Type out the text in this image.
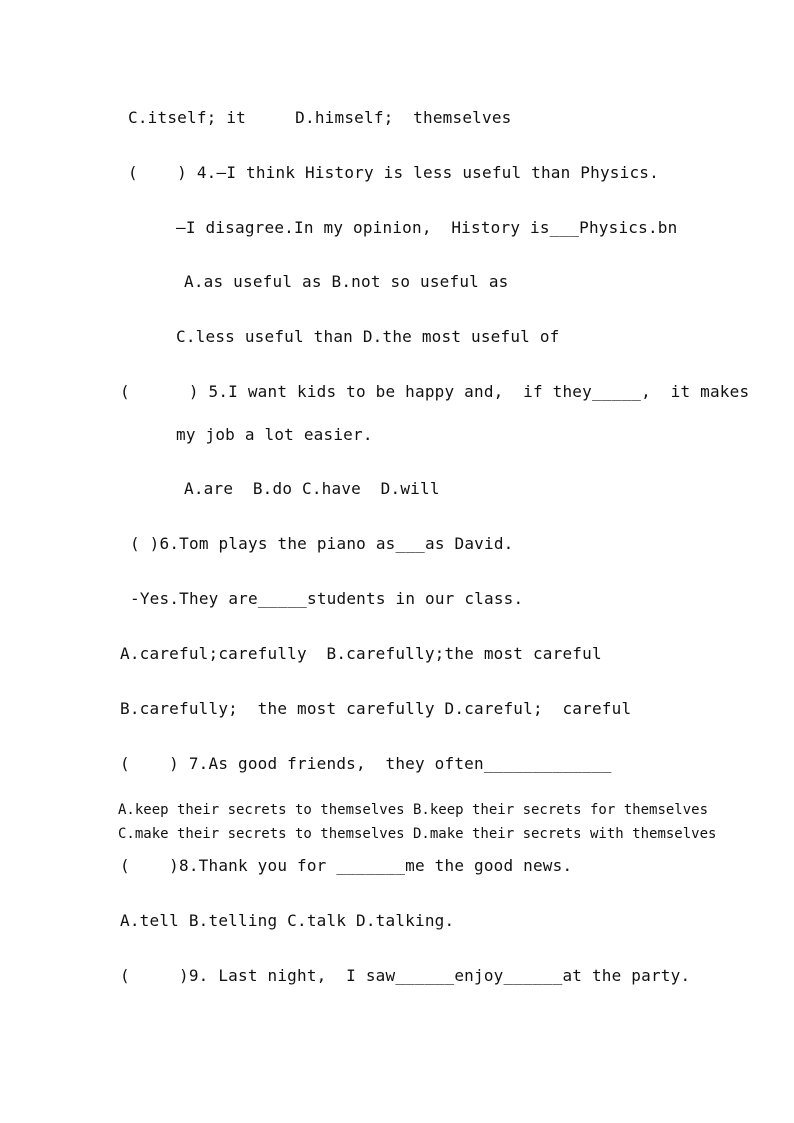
C.itself; it     D.himself;  themselves
(    ) 4.—I think History is less useful than Physics.
—I disagree.In my opinion,  History is___Physics.bn
A.as useful as B.not so useful as
C.less useful than D.the most useful of
(      ) 5.I want kids to be happy and,  if they_____,  it makes
my job a lot easier.
A.are  B.do C.have  D.will
( )6.Tom plays the piano as___as David.
-Yes.They are_____students in our class.
A.careful;carefully  B.carefully;the most careful
B.carefully;  the most carefully D.careful;  careful
(    ) 7.As good friends,  they often_____________
A.keep their secrets to themselves B.keep their secrets for themselves
C.make their secrets to themselves D.make their secrets with themselves
(    )8.Thank you for _______me the good news.
A.tell B.telling C.talk D.talking.
(     )9. Last night,  I saw______enjoy______at the party.
